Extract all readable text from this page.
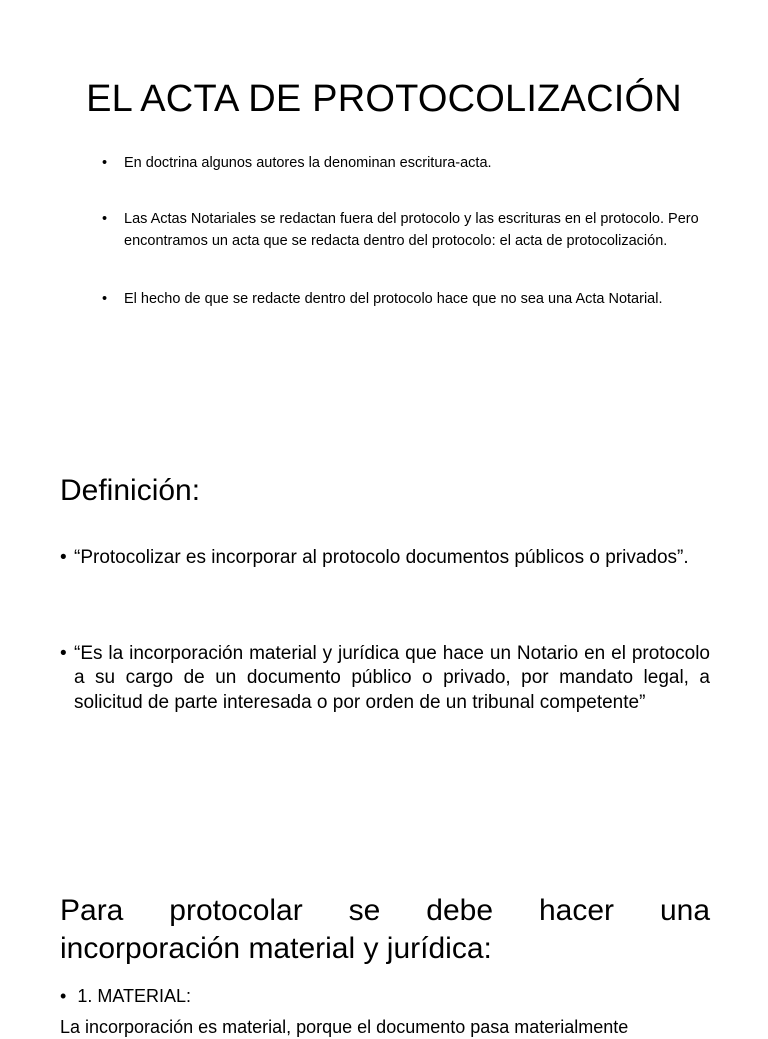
EL ACTA DE PROTOCOLIZACIÓN
• En doctrina algunos autores la denominan escritura-acta.
• Las Actas Notariales se redactan fuera del protocolo y las escrituras en el protocolo. Pero encontramos un acta que se redacta dentro del protocolo: el acta de protocolización.
• El hecho de que se redacte dentro del protocolo hace que no sea una Acta Notarial.
Definición:
• “Protocolizar es incorporar al protocolo documentos públicos o privados”.
• “Es la incorporación material y jurídica que hace un Notario en el protocolo a su cargo de un documento público o privado, por mandato legal, a solicitud de parte interesada o por orden de un tribunal competente”
Para protocolar se debe hacer una incorporación material y jurídica:
• 1. MATERIAL:
La incorporación es material, porque el documento pasa materialmente
